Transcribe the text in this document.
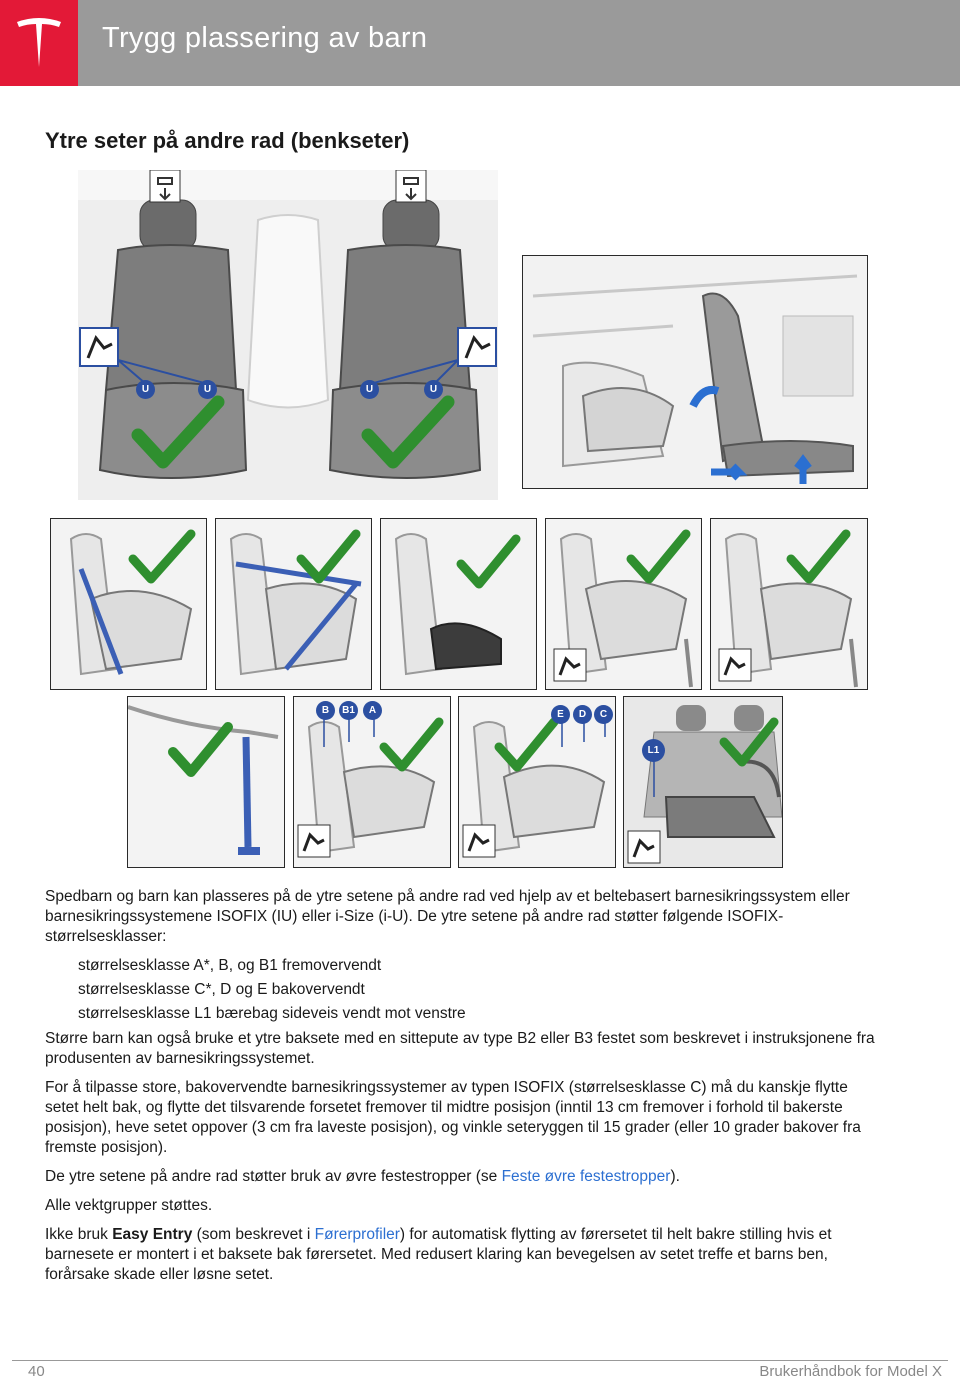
Trygg plassering av barn
Ytre seter på andre rad (benkseter)
U	U	U	U
B	B1	A	E	D	C
L1

Spedbarn og barn kan plasseres på de ytre setene på andre rad ved hjelp av et beltebasert barnesikringssystem eller barnesikringssystemene ISOFIX (IU) eller i-Size (i-U). De ytre setene på andre rad støtter følgende ISOFIX-størrelsesklasser:

størrelsesklasse A*, B, og B1 fremovervendt
størrelsesklasse C*, D og E bakovervendt
størrelsesklasse L1 bærebag sideveis vendt mot venstre

Større barn kan også bruke et ytre baksete med en sittepute av type B2 eller B3 festet som beskrevet i instruksjonene fra produsenten av barnesikringssystemet.

For å tilpasse store, bakovervendte barnesikringssystemer av typen ISOFIX (størrelsesklasse C) må du kanskje flytte setet helt bak, og flytte det tilsvarende forsetet fremover til midtre posisjon (inntil 13 cm fremover i forhold til bakerste posisjon), heve setet oppover (3 cm fra laveste posisjon), og vinkle seteryggen til 15 grader (eller 10 grader bakover fra fremste posisjon).

De ytre setene på andre rad støtter bruk av øvre festestropper (se Feste øvre festestropper).

Alle vektgrupper støttes.

Ikke bruk Easy Entry (som beskrevet i Førerprofiler) for automatisk flytting av førersetet til helt bakre stilling hvis et barnesete er montert i et baksete bak førersetet. Med redusert klaring kan bevegelsen av setet treffe et barns ben, forårsake skade eller løsne setet.

40	Brukerhåndbok for Model X
